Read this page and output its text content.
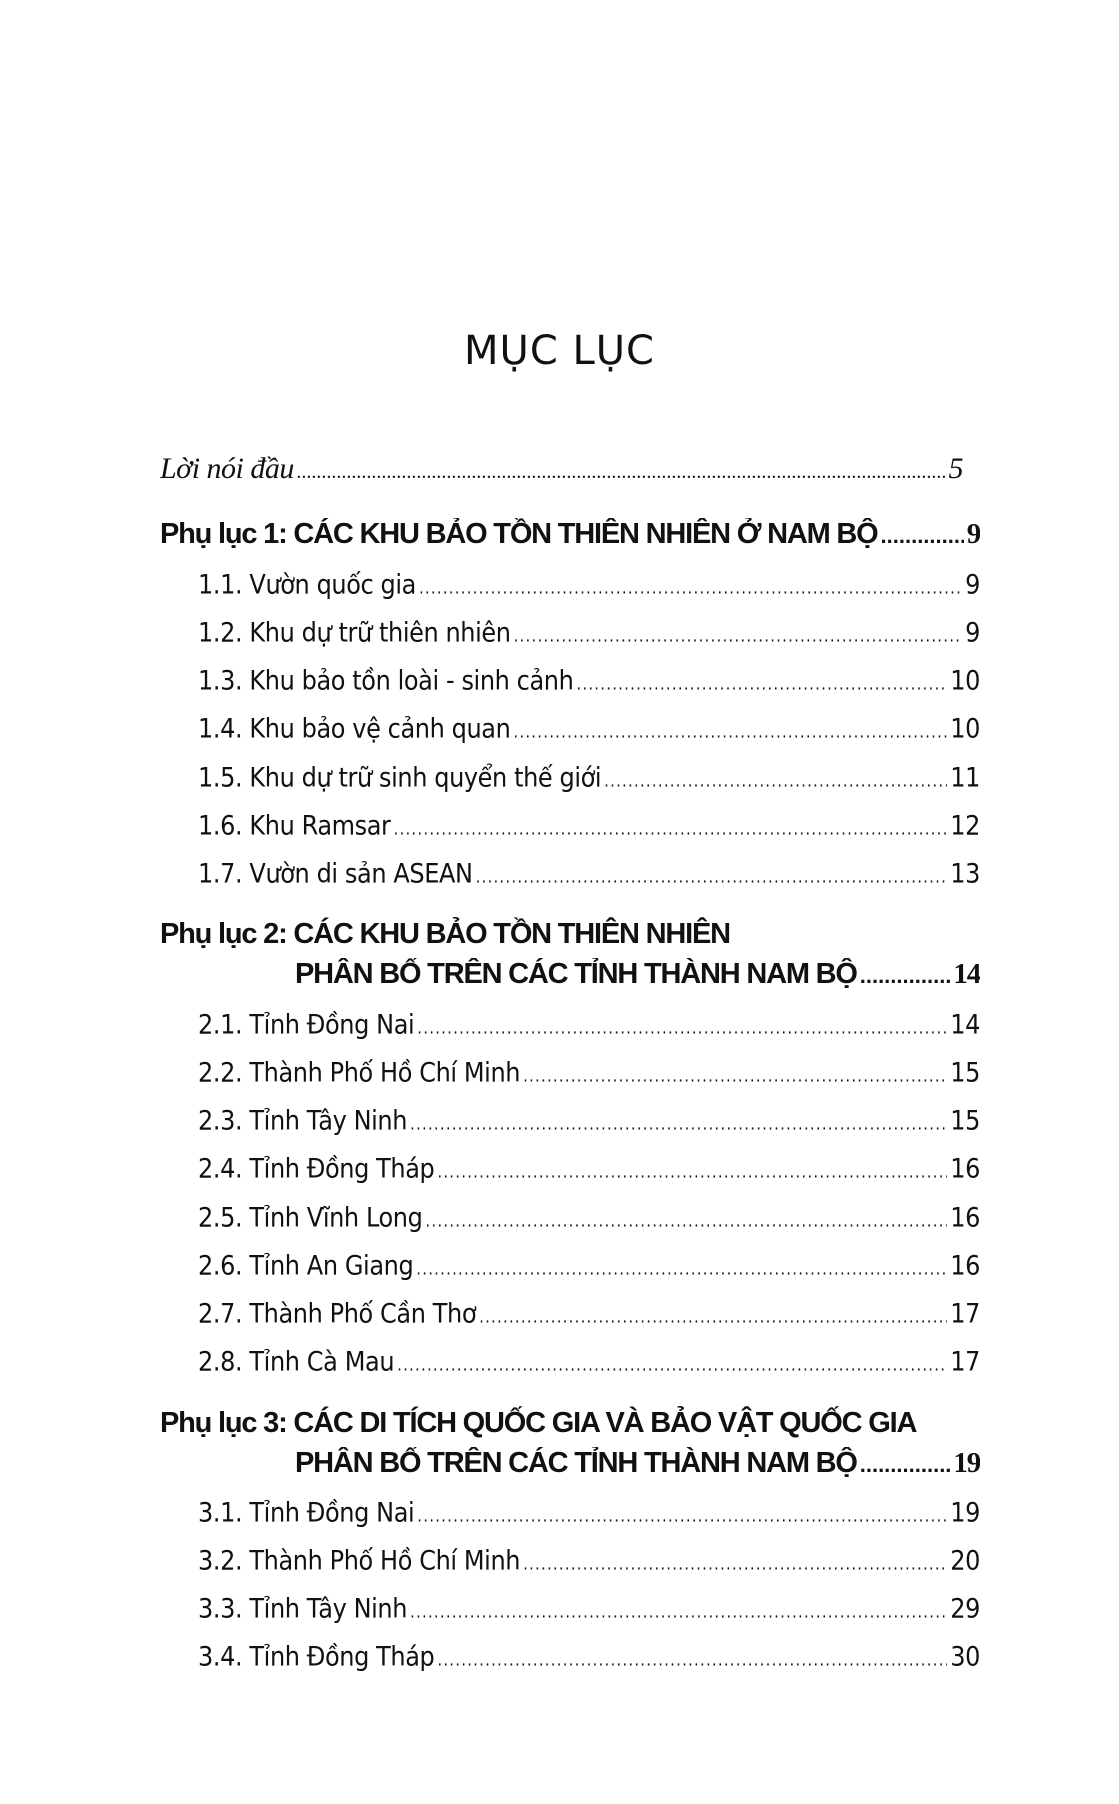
MỤC LỤC
Lời nói đầu .....	5
Phụ lục 1: CÁC KHU BẢO TỒN THIÊN NHIÊN Ở NAM BỘ .....	9
1.1. Vườn quốc gia .....	9
1.2. Khu dự trữ thiên nhiên .....	9
1.3. Khu bảo tồn loài - sinh cảnh .....	10
1.4. Khu bảo vệ cảnh quan .....	10
1.5. Khu dự trữ sinh quyển thế giới .....	11
1.6. Khu Ramsar .....	12
1.7. Vườn di sản ASEAN .....	13
Phụ lục 2: CÁC KHU BẢO TỒN THIÊN NHIÊN
PHÂN BỐ TRÊN CÁC TỈNH THÀNH NAM BỘ .....	14
2.1. Tỉnh Đồng Nai .....	14
2.2. Thành Phố Hồ Chí Minh .....	15
2.3. Tỉnh Tây Ninh .....	15
2.4. Tỉnh Đồng Tháp .....	16
2.5. Tỉnh Vĩnh Long .....	16
2.6. Tỉnh An Giang .....	16
2.7. Thành Phố Cần Thơ .....	17
2.8. Tỉnh Cà Mau .....	17
Phụ lục 3: CÁC DI TÍCH QUỐC GIA VÀ BẢO VẬT QUỐC GIA
PHÂN BỐ TRÊN CÁC TỈNH THÀNH NAM BỘ .....	19
3.1. Tỉnh Đồng Nai .....	19
3.2. Thành Phố Hồ Chí Minh .....	20
3.3. Tỉnh Tây Ninh .....	29
3.4. Tỉnh Đồng Tháp .....	30
